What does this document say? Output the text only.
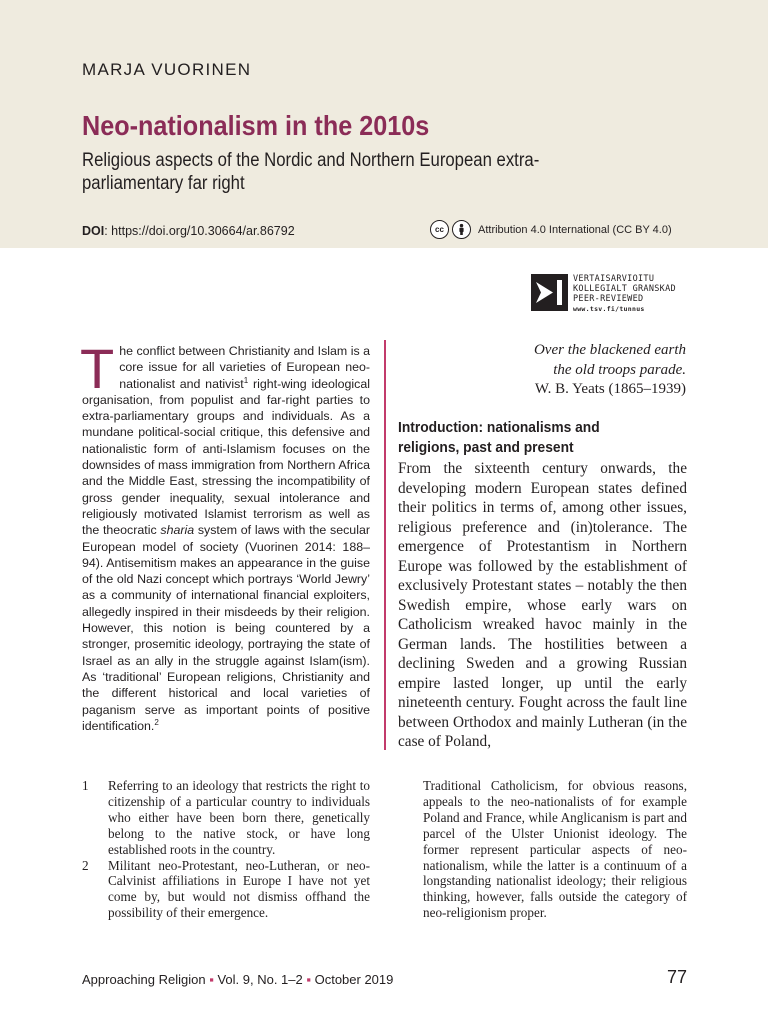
MARJA VUORINEN
Neo-nationalism in the 2010s
Religious aspects of the Nordic and Northern European extra-parliamentary far right
DOI: https://doi.org/10.30664/ar.86792	cc	Attribution 4.0 International (CC BY 4.0)
VERTAISARVIOITU
KOLLEGIALT GRANSKAD
PEER-REVIEWED
www.tsv.fi/tunnus
The conflict between Christianity and Islam is a core issue for all varieties of European neo-nationalist and nativist$^1$ right-wing ideological organisation, from populist and far-right parties to extra-parliamentary groups and individuals. As a mundane political-social critique, this defensive and nationalistic form of anti-Islamism focuses on the downsides of mass immigration from Northern Africa and the Middle East, stressing the incompatibility of gross gender inequality, sexual intolerance and religiously motivated Islamist terrorism as well as the theocratic sharia system of laws with the secular European model of society (Vuorinen 2014: 188–94). Antisemitism makes an appearance in the guise of the old Nazi concept which portrays ‘World Jewry’ as a community of international financial exploiters, allegedly inspired in their misdeeds by their religion. However, this notion is being countered by a stronger, prosemitic ideology, portraying the state of Israel as an ally in the struggle against Islam(ism). As ‘traditional’ European religions, Christianity and the different historical and local varieties of paganism serve as important points of positive identification.$^2$
Over the blackened earth
the old troops parade.
W. B. Yeats (1865–1939)
Introduction: nationalisms and religions, past and present
From the sixteenth century onwards, the developing modern European states defined their politics in terms of, among other issues, religious preference and (in)tolerance. The emergence of Protestantism in Northern Europe was followed by the establishment of exclusively Protestant states – notably the then Swedish empire, whose early wars on Catholicism wreaked havoc mainly in the German lands. The hostilities between a declining Sweden and a growing Russian empire lasted longer, up until the early nineteenth century. Fought across the fault line between Orthodox and mainly Lutheran (in the case of Poland,
1	Referring to an ideology that restricts the right to citizenship of a particular country to individuals who either have been born there, genetically belong to the native stock, or have long established roots in the country.
2	Militant neo-Protestant, neo-Lutheran, or neo-Calvinist affiliations in Europe I have not yet come by, but would not dismiss offhand the possibility of their emergence.
Traditional Catholicism, for obvious reasons, appeals to the neo-nationalists of for example Poland and France, while Anglicanism is part and parcel of the Ulster Unionist ideology. The former represent particular aspects of neo-nationalism, while the latter is a continuum of a longstanding nationalist ideology; their religious thinking, however, falls outside the category of neo-religionism proper.
Approaching Religion ▪ Vol. 9, No. 1–2 ▪ October 2019	77
